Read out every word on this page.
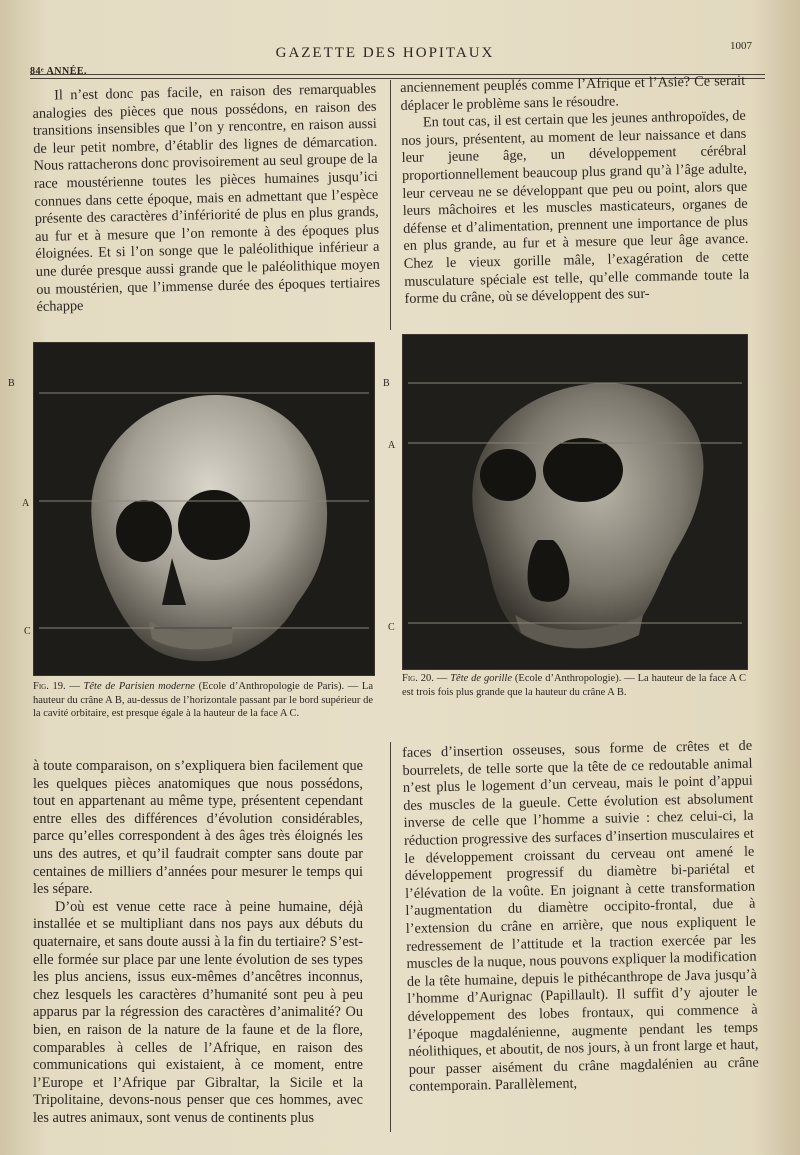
84ᵉ ANNÉE.
GAZETTE DES HOPITAUX	1007

Il n’est donc pas facile, en raison des remarquables analogies des pièces que nous possédons, en raison des transitions insensibles que l’on y rencontre, en raison aussi de leur petit nombre, d’établir des lignes de démarcation. Nous rattacherons donc provisoirement au seul groupe de la race moustérienne toutes les pièces humaines jusqu’ici connues dans cette époque, mais en admettant que l’espèce présente des caractères d’infériorité de plus en plus grands, au fur et à mesure que l’on remonte à des époques plus éloignées. Et si l’on songe que le paléolithique inférieur a une durée presque aussi grande que le paléolithique moyen ou moustérien, que l’immense durée des époques tertiaires échappe

anciennement peuplés comme l’Afrique et l’Asie? Ce serait déplacer le problème sans le résoudre.

En tout cas, il est certain que les jeunes anthropoïdes, de nos jours, présentent, au moment de leur naissance et dans leur jeune âge, un développement cérébral proportionnellement beaucoup plus grand qu’à l’âge adulte, leur cerveau ne se développant que peu ou point, alors que leurs mâchoires et les muscles masticateurs, organes de défense et d’alimentation, prennent une importance de plus en plus grande, au fur et à mesure que leur âge avance. Chez le vieux gorille mâle, l’exagération de cette musculature spéciale est telle, qu’elle commande toute la forme du crâne, où se développent des sur-

B
A
C
B
A
C
Fig. 19. — Tête de Parisien moderne (Ecole d’Anthropologie de Paris). — La hauteur du crâne A B, au-dessus de l’horizontale passant par le bord supérieur de la cavité orbitaire, est presque égale à la hauteur de la face A C.
Fig. 20. — Tête de gorille (Ecole d’Anthropologie). — La hauteur de la face A C est trois fois plus grande que la hauteur du crâne A B.

à toute comparaison, on s’expliquera bien facilement que les quelques pièces anatomiques que nous possédons, tout en appartenant au même type, présentent cependant entre elles des différences d’évolution considérables, parce qu’elles correspondent à des âges très éloignés les uns des autres, et qu’il faudrait compter sans doute par centaines de milliers d’années pour mesurer le temps qui les sépare.

D’où est venue cette race à peine humaine, déjà installée et se multipliant dans nos pays aux débuts du quaternaire, et sans doute aussi à la fin du tertiaire? S’est-elle formée sur place par une lente évolution de ses types les plus anciens, issus eux-mêmes d’ancêtres inconnus, chez lesquels les caractères d’humanité sont peu à peu apparus par la régression des caractères d’animalité? Ou bien, en raison de la nature de la faune et de la flore, comparables à celles de l’Afrique, en raison des communications qui existaient, à ce moment, entre l’Europe et l’Afrique par Gibraltar, la Sicile et la Tripolitaine, devons-nous penser que ces hommes, avec les autres animaux, sont venus de continents plus

faces d’insertion osseuses, sous forme de crêtes et de bourrelets, de telle sorte que la tête de ce redoutable animal n’est plus le logement d’un cerveau, mais le point d’appui des muscles de la gueule. Cette évolution est absolument inverse de celle que l’homme a suivie : chez celui-ci, la réduction progressive des surfaces d’insertion musculaires et le développement croissant du cerveau ont amené le développement progressif du diamètre bi-pariétal et l’élévation de la voûte. En joignant à cette transformation l’augmentation du diamètre occipito-frontal, due à l’extension du crâne en arrière, que nous expliquent le redressement de l’attitude et la traction exercée par les muscles de la nuque, nous pouvons expliquer la modification de la tête humaine, depuis le pithécanthrope de Java jusqu’à l’homme d’Aurignac (Papillault). Il suffit d’y ajouter le développement des lobes frontaux, qui commence à l’époque magdalénienne, augmente pendant les temps néolithiques, et aboutit, de nos jours, à un front large et haut, pour passer aisément du crâne magdalénien au crâne contemporain. Parallèlement,
